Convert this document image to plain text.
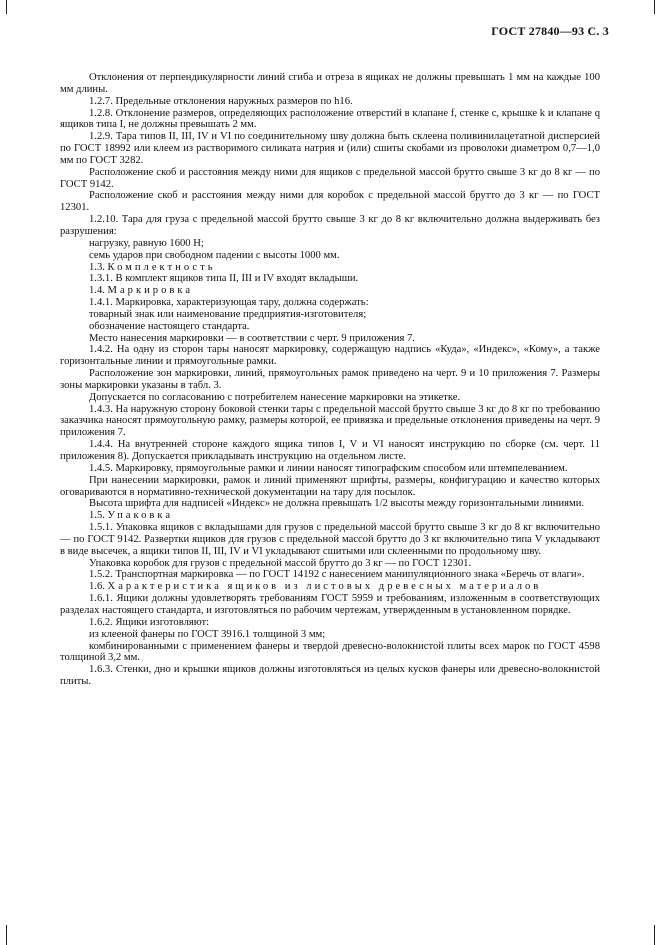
ГОСТ 27840—93 С. 3

Отклонения от перпендикулярности линий сгиба и отреза в ящиках не должны превышать 1 мм на каждые 100 мм длины.

1.2.7. Предельные отклонения наружных размеров по h16.

1.2.8. Отклонение размеров, определяющих расположение отверстий в клапане f, стенке c, крышке k и клапане q ящиков типа I, не должны превышать 2 мм.

1.2.9. Тара типов II, III, IV и VI по соединительному шву должна быть склеена поливинилацетатной дисперсией по ГОСТ 18992 или клеем из растворимого силиката натрия и (или) сшиты скобами из проволоки диаметром 0,7—1,0 мм по ГОСТ 3282.

Расположение скоб и расстояния между ними для ящиков с предельной массой брутто свыше 3 кг до 8 кг — по ГОСТ 9142.

Расположение скоб и расстояния между ними для коробок с предельной массой брутто до 3 кг — по ГОСТ 12301.

1.2.10. Тара для груза с предельной массой брутто свыше 3 кг до 8 кг включительно должна выдерживать без разрушения:

нагрузку, равную 1600 Н;

семь ударов при свободном падении с высоты 1000 мм.

1.3. Комплектность

1.3.1. В комплект ящиков типа II, III и IV входят вкладыши.

1.4. Маркировка

1.4.1. Маркировка, характеризующая тару, должна содержать:

товарный знак или наименование предприятия-изготовителя;

обозначение настоящего стандарта.

Место нанесения маркировки — в соответствии с черт. 9 приложения 7.

1.4.2. На одну из сторон тары наносят маркировку, содержащую надпись «Куда», «Индекс», «Кому», а также горизонтальные линии и прямоугольные рамки.

Расположение зон маркировки, линий, прямоугольных рамок приведено на черт. 9 и 10 приложения 7. Размеры зоны маркировки указаны в табл. 3.

Допускается по согласованию с потребителем нанесение маркировки на этикетке.

1.4.3. На наружную сторону боковой стенки тары с предельной массой брутто свыше 3 кг до 8 кг по требованию заказчика наносят прямоугольную рамку, размеры которой, ее привязка и предельные отклонения приведены на черт. 9 приложения 7.

1.4.4. На внутренней стороне каждого ящика типов I, V и VI наносят инструкцию по сборке (см. черт. 11 приложения 8). Допускается прикладывать инструкцию на отдельном листе.

1.4.5. Маркировку, прямоугольные рамки и линии наносят типографским способом или штемпелеванием.

При нанесении маркировки, рамок и линий применяют шрифты, размеры, конфигурацию и качество которых оговариваются в нормативно-технической документации на тару для посылок.

Высота шрифта для надписей «Индекс» не должна превышать 1/2 высоты между горизонтальными линиями.

1.5. Упаковка

1.5.1. Упаковка ящиков с вкладышами для грузов с предельной массой брутто свыше 3 кг до 8 кг включительно — по ГОСТ 9142. Развертки ящиков для грузов с предельной массой брутто до 3 кг включительно типа V укладывают в виде высечек, а ящики типов II, III, IV и VI укладывают сшитыми или склеенными по продольному шву.

Упаковка коробок для грузов с предельной массой брутто до 3 кг — по ГОСТ 12301.

1.5.2. Транспортная маркировка — по ГОСТ 14192 с нанесением манипуляционного знака «Беречь от влаги».

1.6. Характеристика ящиков из листовых древесных материалов

1.6.1. Ящики должны удовлетворять требованиям ГОСТ 5959 и требованиям, изложенным в соответствующих разделах настоящего стандарта, и изготовляться по рабочим чертежам, утвержденным в установленном порядке.

1.6.2. Ящики изготовляют:

из клееной фанеры по ГОСТ 3916.1 толщиной 3 мм;

комбинированными с применением фанеры и твердой древесно-волокнистой плиты всех марок по ГОСТ 4598 толщиной 3,2 мм.

1.6.3. Стенки, дно и крышки ящиков должны изготовляться из целых кусков фанеры или древесно-волокнистой плиты.
